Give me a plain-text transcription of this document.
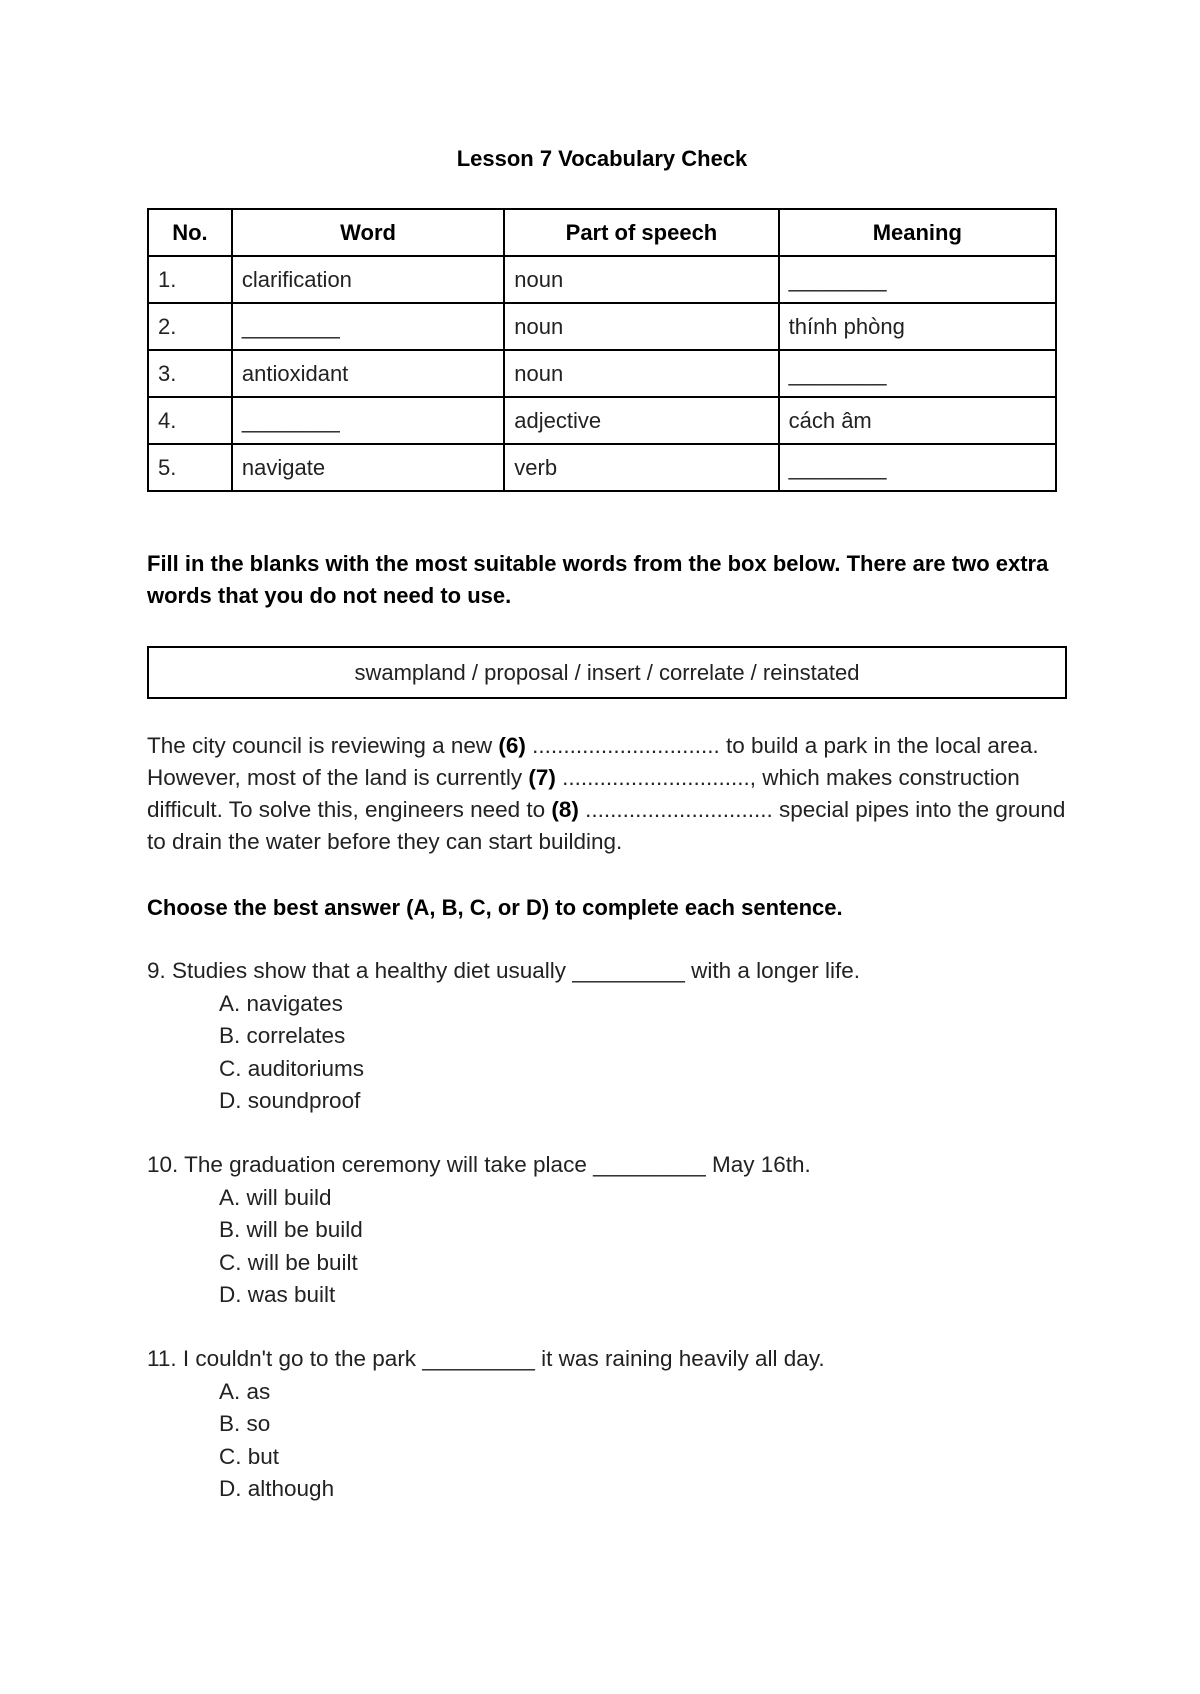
Lesson 7 Vocabulary Check
No.	Word	Part of speech	Meaning
1.	clarification	noun	________
2.	________	noun	thính phòng
3.	antioxidant	noun	________
4.	________	adjective	cách âm
5.	navigate	verb	________
Fill in the blanks with the most suitable words from the box below. There are two extra words that you do not need to use.
swampland / proposal / insert / correlate / reinstated
The city council is reviewing a new (6) .............................. to build a park in the local area. However, most of the land is currently (7) .............................., which makes construction difficult. To solve this, engineers need to (8) .............................. special pipes into the ground to drain the water before they can start building.
Choose the best answer (A, B, C, or D) to complete each sentence.
9. Studies show that a healthy diet usually _________ with a longer life.
A. navigates
B. correlates
C. auditoriums
D. soundproof
10. The graduation ceremony will take place _________ May 16th.
A. will build
B. will be build
C. will be built
D. was built
11. I couldn't go to the park _________ it was raining heavily all day.
A. as
B. so
C. but
D. although
